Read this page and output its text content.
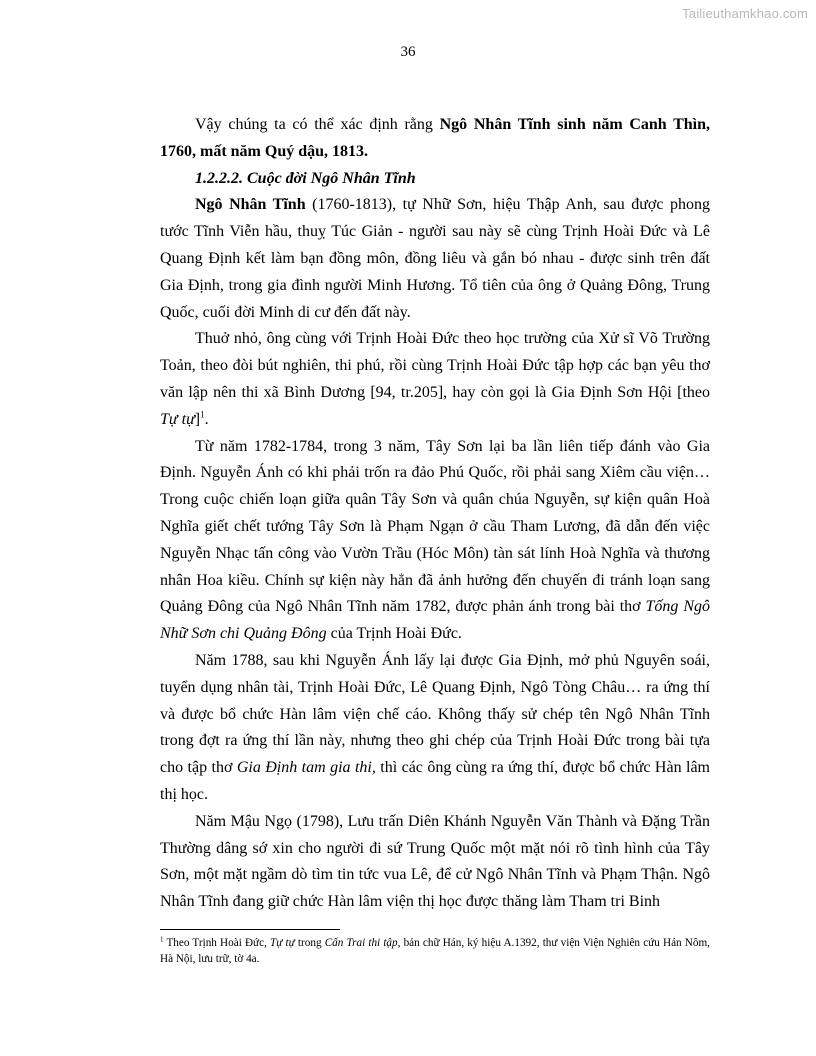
Tailieuthamkhao.com
36

Vậy chúng ta có thể xác định rằng Ngô Nhân Tĩnh sinh năm Canh Thìn, 1760, mất năm Quý dậu, 1813.

1.2.2.2. Cuộc đời Ngô Nhân Tĩnh

Ngô Nhân Tĩnh (1760-1813), tự Nhữ Sơn, hiệu Thập Anh, sau được phong tước Tĩnh Viễn hầu, thuỵ Túc Giản - người sau này sẽ cùng Trịnh Hoài Đức và Lê Quang Định kết làm bạn đồng môn, đồng liêu và gắn bó nhau - được sinh trên đất Gia Định, trong gia đình người Minh Hương. Tổ tiên của ông ở Quảng Đông, Trung Quốc, cuối đời Minh di cư đến đất này.

Thuở nhỏ, ông cùng với Trịnh Hoài Đức theo học trường của Xử sĩ Võ Trường Toản, theo đòi bút nghiên, thi phú, rồi cùng Trịnh Hoài Đức tập hợp các bạn yêu thơ văn lập nên thi xã Bình Dương [94, tr.205], hay còn gọi là Gia Định Sơn Hội [theo Tự tự]$^1$.

Từ năm 1782-1784, trong 3 năm, Tây Sơn lại ba lần liên tiếp đánh vào Gia Định. Nguyễn Ánh có khi phải trốn ra đảo Phú Quốc, rồi phải sang Xiêm cầu viện… Trong cuộc chiến loạn giữa quân Tây Sơn và quân chúa Nguyễn, sự kiện quân Hoà Nghĩa giết chết tướng Tây Sơn là Phạm Ngạn ở cầu Tham Lương, đã dẫn đến việc Nguyễn Nhạc tấn công vào Vườn Trầu (Hóc Môn) tàn sát lính Hoà Nghĩa và thương nhân Hoa kiều. Chính sự kiện này hẳn đã ảnh hưởng đến chuyến đi tránh loạn sang Quảng Đông của Ngô Nhân Tĩnh năm 1782, được phản ánh trong bài thơ Tống Ngô Nhữ Sơn chi Quảng Đông của Trịnh Hoài Đức.

Năm 1788, sau khi Nguyễn Ánh lấy lại được Gia Định, mở phủ Nguyên soái, tuyển dụng nhân tài, Trịnh Hoài Đức, Lê Quang Định, Ngô Tòng Châu… ra ứng thí và được bổ chức Hàn lâm viện chế cáo. Không thấy sử chép tên Ngô Nhân Tĩnh trong đợt ra ứng thí lần này, nhưng theo ghi chép của Trịnh Hoài Đức trong bài tựa cho tập thơ Gia Định tam gia thi, thì các ông cùng ra ứng thí, được bổ chức Hàn lâm thị học.

Năm Mậu Ngọ (1798), Lưu trấn Diên Khánh Nguyễn Văn Thành và Đặng Trần Thường dâng sớ xin cho người đi sứ Trung Quốc một mặt nói rõ tình hình của Tây Sơn, một mặt ngầm dò tìm tin tức vua Lê, để cử Ngô Nhân Tĩnh và Phạm Thận. Ngô Nhân Tĩnh đang giữ chức Hàn lâm viện thị học được thăng làm Tham tri Binh

$^1$ Theo Trịnh Hoài Đức, Tự tự trong Cấn Trai thi tập, bản chữ Hán, ký hiệu A.1392, thư viện Viện Nghiên cứu Hán Nôm, Hà Nội, lưu trữ, tờ 4a.
